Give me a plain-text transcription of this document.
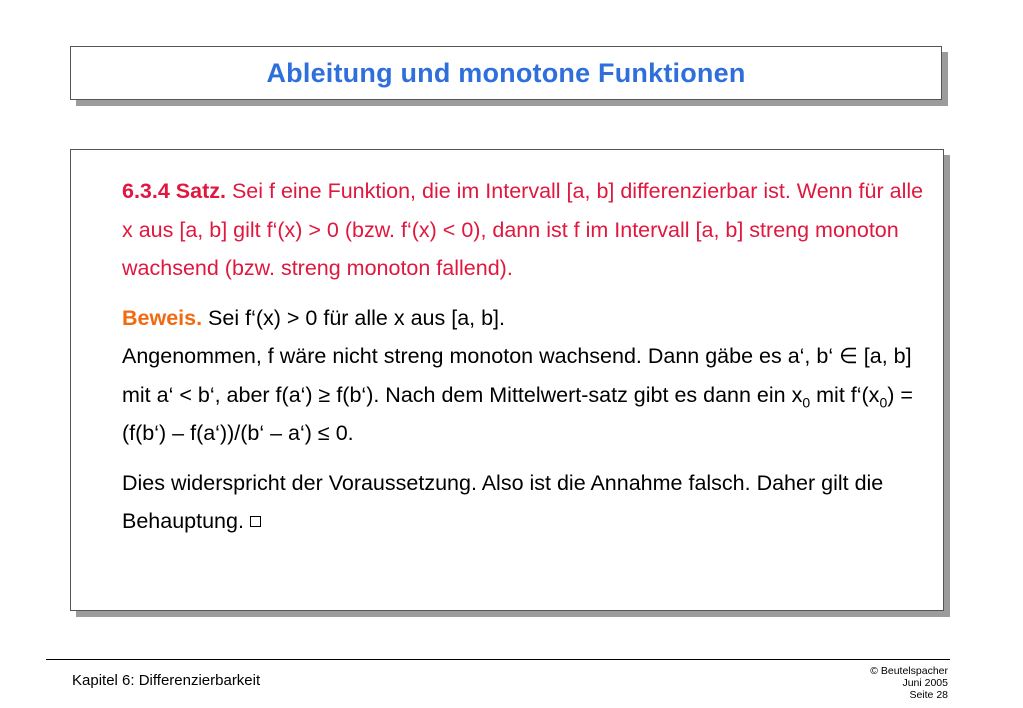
Ableitung und monotone Funktionen

6.3.4 Satz. Sei f eine Funktion, die im Intervall [a, b] differenzierbar ist. Wenn für alle x aus [a, b] gilt f‘(x) > 0 (bzw. f‘(x) < 0), dann ist f im Intervall [a, b] streng monoton wachsend (bzw. streng monoton fallend).

Beweis. Sei f‘(x) > 0 für alle x aus [a, b].
Angenommen, f wäre nicht streng monoton wachsend. Dann gäbe es a‘, b‘ ∈ [a, b] mit a‘ < b‘, aber f(a‘) ≥ f(b‘). Nach dem Mittelwert-satz gibt es dann ein $x_0$ mit $f‘(x_0)$ = (f(b‘) – f(a‘))/(b‘ – a‘) ≤ 0.

Dies widerspricht der Voraussetzung. Also ist die Annahme falsch. Daher gilt die Behauptung.

Kapitel 6: Differenzierbarkeit
© Beutelspacher
Juni 2005
Seite 28
